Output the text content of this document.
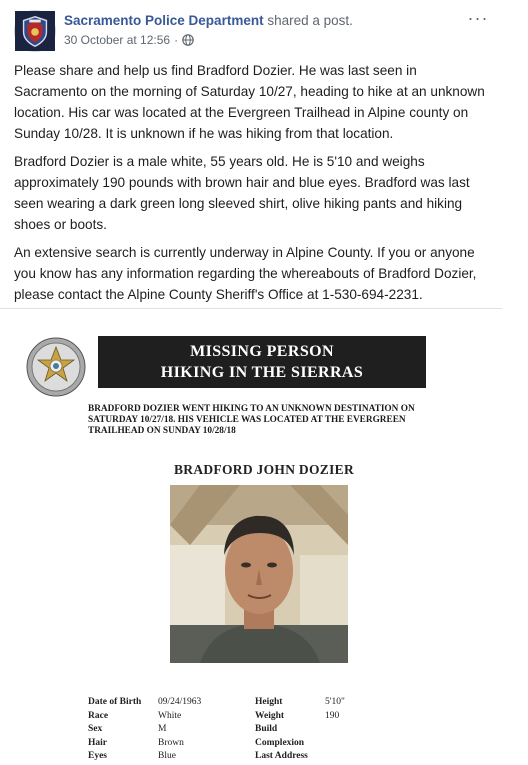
Sacramento Police Department shared a post.
30 October at 12:56 ·
···

Please share and help us find Bradford Dozier. He was last seen in Sacramento on the morning of Saturday 10/27, heading to hike at an unknown location. His car was located at the Evergreen Trailhead in Alpine county on Sunday 10/28. It is unknown if he was hiking from that location.

Bradford Dozier is a male white, 55 years old. He is 5'10 and weighs approximately 190 pounds with brown hair and blue eyes. Bradford was last seen wearing a dark green long sleeved shirt, olive hiking pants and hiking shoes or boots.

An extensive search is currently underway in Alpine County. If you or anyone you know has any information regarding the whereabouts of Bradford Dozier, please contact the Alpine County Sheriff's Office at 1-530-694-2231.

MISSING PERSON
HIKING IN THE SIERRAS
BRADFORD DOZIER WENT HIKING TO AN UNKNOWN DESTINATION ON SATURDAY 10/27/18. HIS VEHICLE WAS LOCATED AT THE EVERGREEN TRAILHEAD ON SUNDAY 10/28/18
BRADFORD JOHN DOZIER
Date of Birth 09/24/1963	Height	5'10"
Race	White	Weight	190
Sex	M	Build
Hair	Brown	Complexion
Eyes	Blue	Last Address
